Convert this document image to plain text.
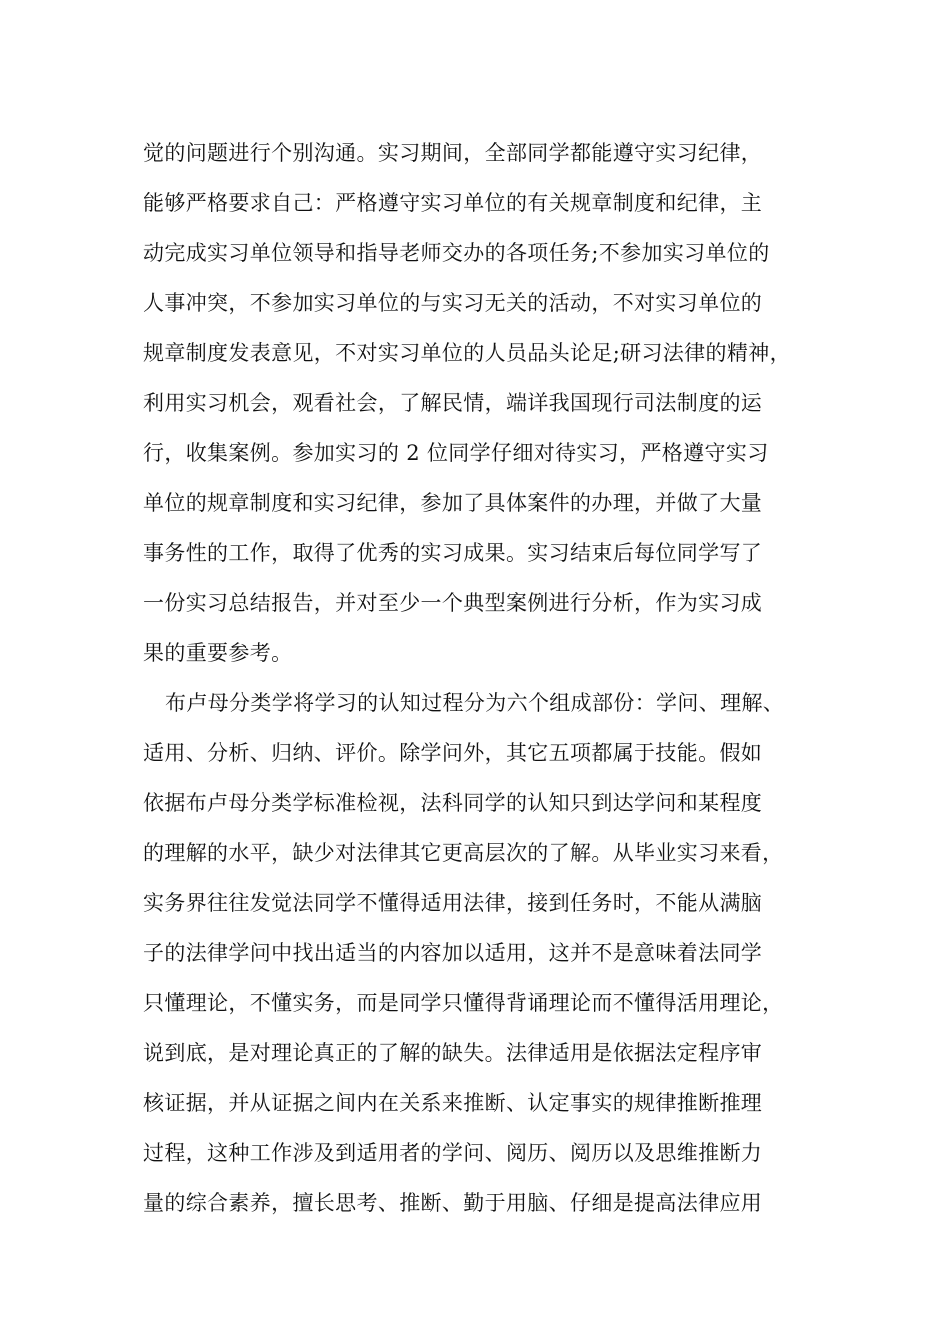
觉的问题进行个别沟通。实习期间，全部同学都能遵守实习纪律，
能够严格要求自己：严格遵守实习单位的有关规章制度和纪律，主
动完成实习单位领导和指导老师交办的各项任务;不参加实习单位的
人事冲突，不参加实习单位的与实习无关的活动，不对实习单位的
规章制度发表意见，不对实习单位的人员品头论足;研习法律的精神，
利用实习机会，观看社会，了解民情，端详我国现行司法制度的运
行，收集案例。参加实习的 2 位同学仔细对待实习，严格遵守实习
单位的规章制度和实习纪律，参加了具体案件的办理，并做了大量
事务性的工作，取得了优秀的实习成果。实习结束后每位同学写了
一份实习总结报告，并对至少一个典型案例进行分析，作为实习成
果的重要参考。
布卢母分类学将学习的认知过程分为六个组成部份：学问、理解、
适用、分析、归纳、评价。除学问外，其它五项都属于技能。假如
依据布卢母分类学标准检视，法科同学的认知只到达学问和某程度
的理解的水平，缺少对法律其它更高层次的了解。从毕业实习来看，
实务界往往发觉法同学不懂得适用法律，接到任务时，不能从满脑
子的法律学问中找出适当的内容加以适用，这并不是意味着法同学
只懂理论，不懂实务，而是同学只懂得背诵理论而不懂得活用理论，
说到底，是对理论真正的了解的缺失。法律适用是依据法定程序审
核证据，并从证据之间内在关系来推断、认定事实的规律推断推理
过程，这种工作涉及到适用者的学问、阅历、阅历以及思维推断力
量的综合素养，擅长思考、推断、勤于用脑、仔细是提高法律应用
